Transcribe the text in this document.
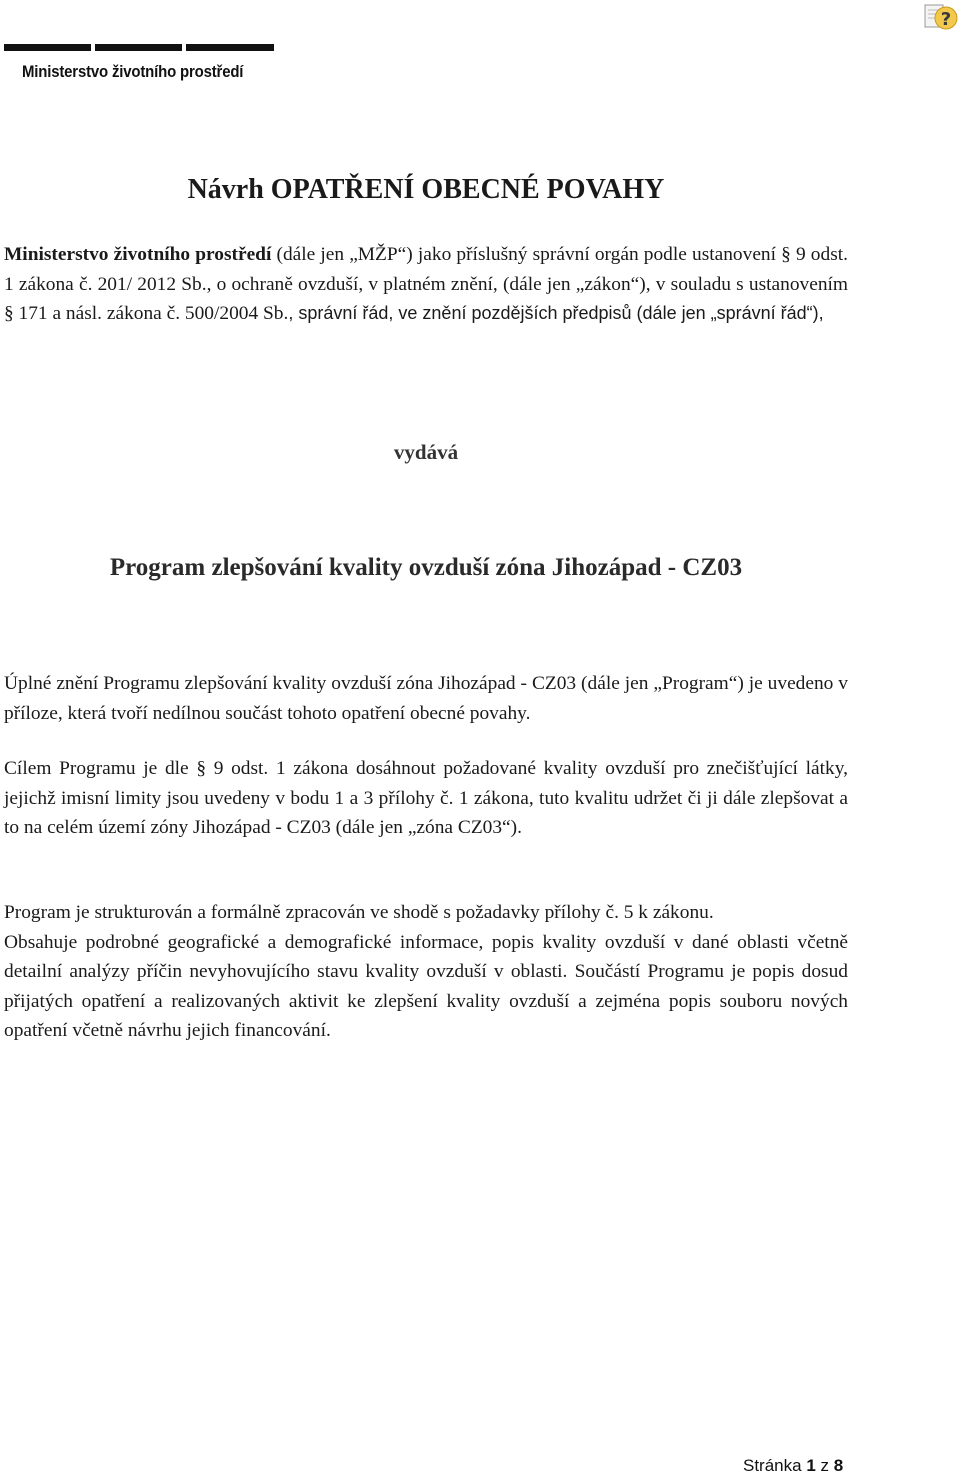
Ministerstvo životního prostředí
?
Návrh OPATŘENÍ OBECNÉ POVAHY
Ministerstvo životního prostředí (dále jen „MŽP“) jako příslušný správní orgán podle ustanovení § 9 odst. 1 zákona č. 201/ 2012 Sb., o ochraně ovzduší, v platném znění, (dále jen „zákon“), v souladu s ustanovením § 171 a násl. zákona č. 500/2004 Sb., správní řád, ve znění pozdějších předpisů (dále jen „správní řád“),
vydává
Program zlepšování kvality ovzduší zóna Jihozápad - CZ03
Úplné znění Programu zlepšování kvality ovzduší zóna Jihozápad - CZ03 (dále jen „Program“) je uvedeno v příloze, která tvoří nedílnou součást tohoto opatření obecné povahy.
Cílem Programu je dle § 9 odst. 1 zákona dosáhnout požadované kvality ovzduší pro znečišťující látky, jejichž imisní limity jsou uvedeny v bodu 1 a 3 přílohy č. 1 zákona, tuto kvalitu udržet či ji dále zlepšovat a to na celém území zóny Jihozápad - CZ03 (dále jen „zóna CZ03“).
Program je strukturován a formálně zpracován ve shodě s požadavky přílohy č. 5 k zákonu.
Obsahuje podrobné geografické a demografické informace, popis kvality ovzduší v dané oblasti včetně detailní analýzy příčin nevyhovujícího stavu kvality ovzduší v oblasti. Součástí Programu je popis dosud přijatých opatření a realizovaných aktivit ke zlepšení kvality ovzduší a zejména popis souboru nových opatření včetně návrhu jejich financování.
Stránka 1 z 8
